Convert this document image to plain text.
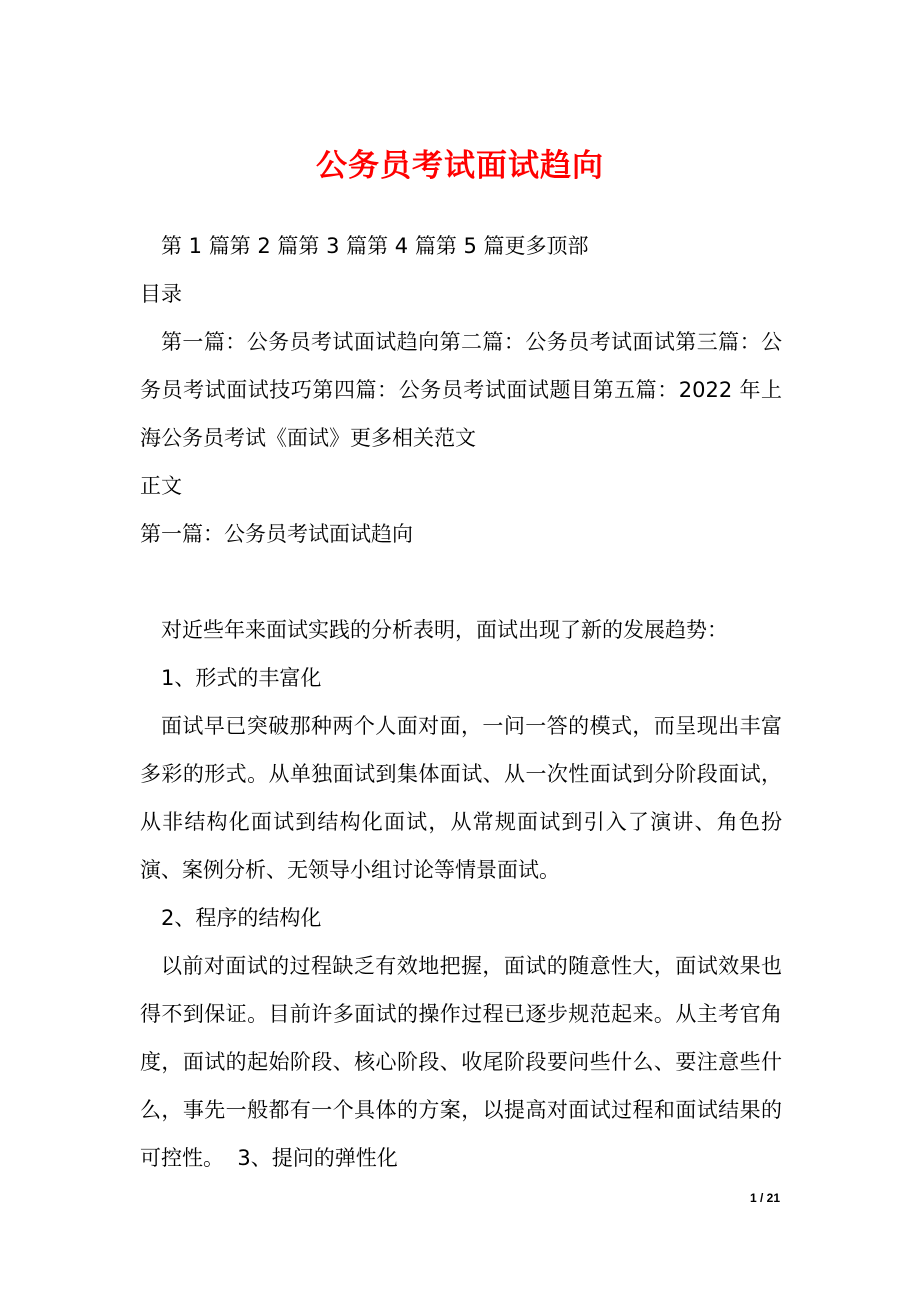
公务员考试面试趋向

第 1 篇第 2 篇第 3 篇第 4 篇第 5 篇更多顶部

目录

第一篇：公务员考试面试趋向第二篇：公务员考试面试第三篇：公务员考试面试技巧第四篇：公务员考试面试题目第五篇：2022 年上海公务员考试《面试》更多相关范文

正文

第一篇：公务员考试面试趋向

对近些年来面试实践的分析表明，面试出现了新的发展趋势：

1、形式的丰富化

面试早已突破那种两个人面对面，一问一答的模式，而呈现出丰富多彩的形式。从单独面试到集体面试、从一次性面试到分阶段面试，从非结构化面试到结构化面试，从常规面试到引入了演讲、角色扮演、案例分析、无领导小组讨论等情景面试。

2、程序的结构化

以前对面试的过程缺乏有效地把握，面试的随意性大，面试效果也得不到保证。目前许多面试的操作过程已逐步规范起来。从主考官角度，面试的起始阶段、核心阶段、收尾阶段要问些什么、要注意些什么，事先一般都有一个具体的方案，以提高对面试过程和面试结果的可控性。 3、提问的弹性化

1 / 21
